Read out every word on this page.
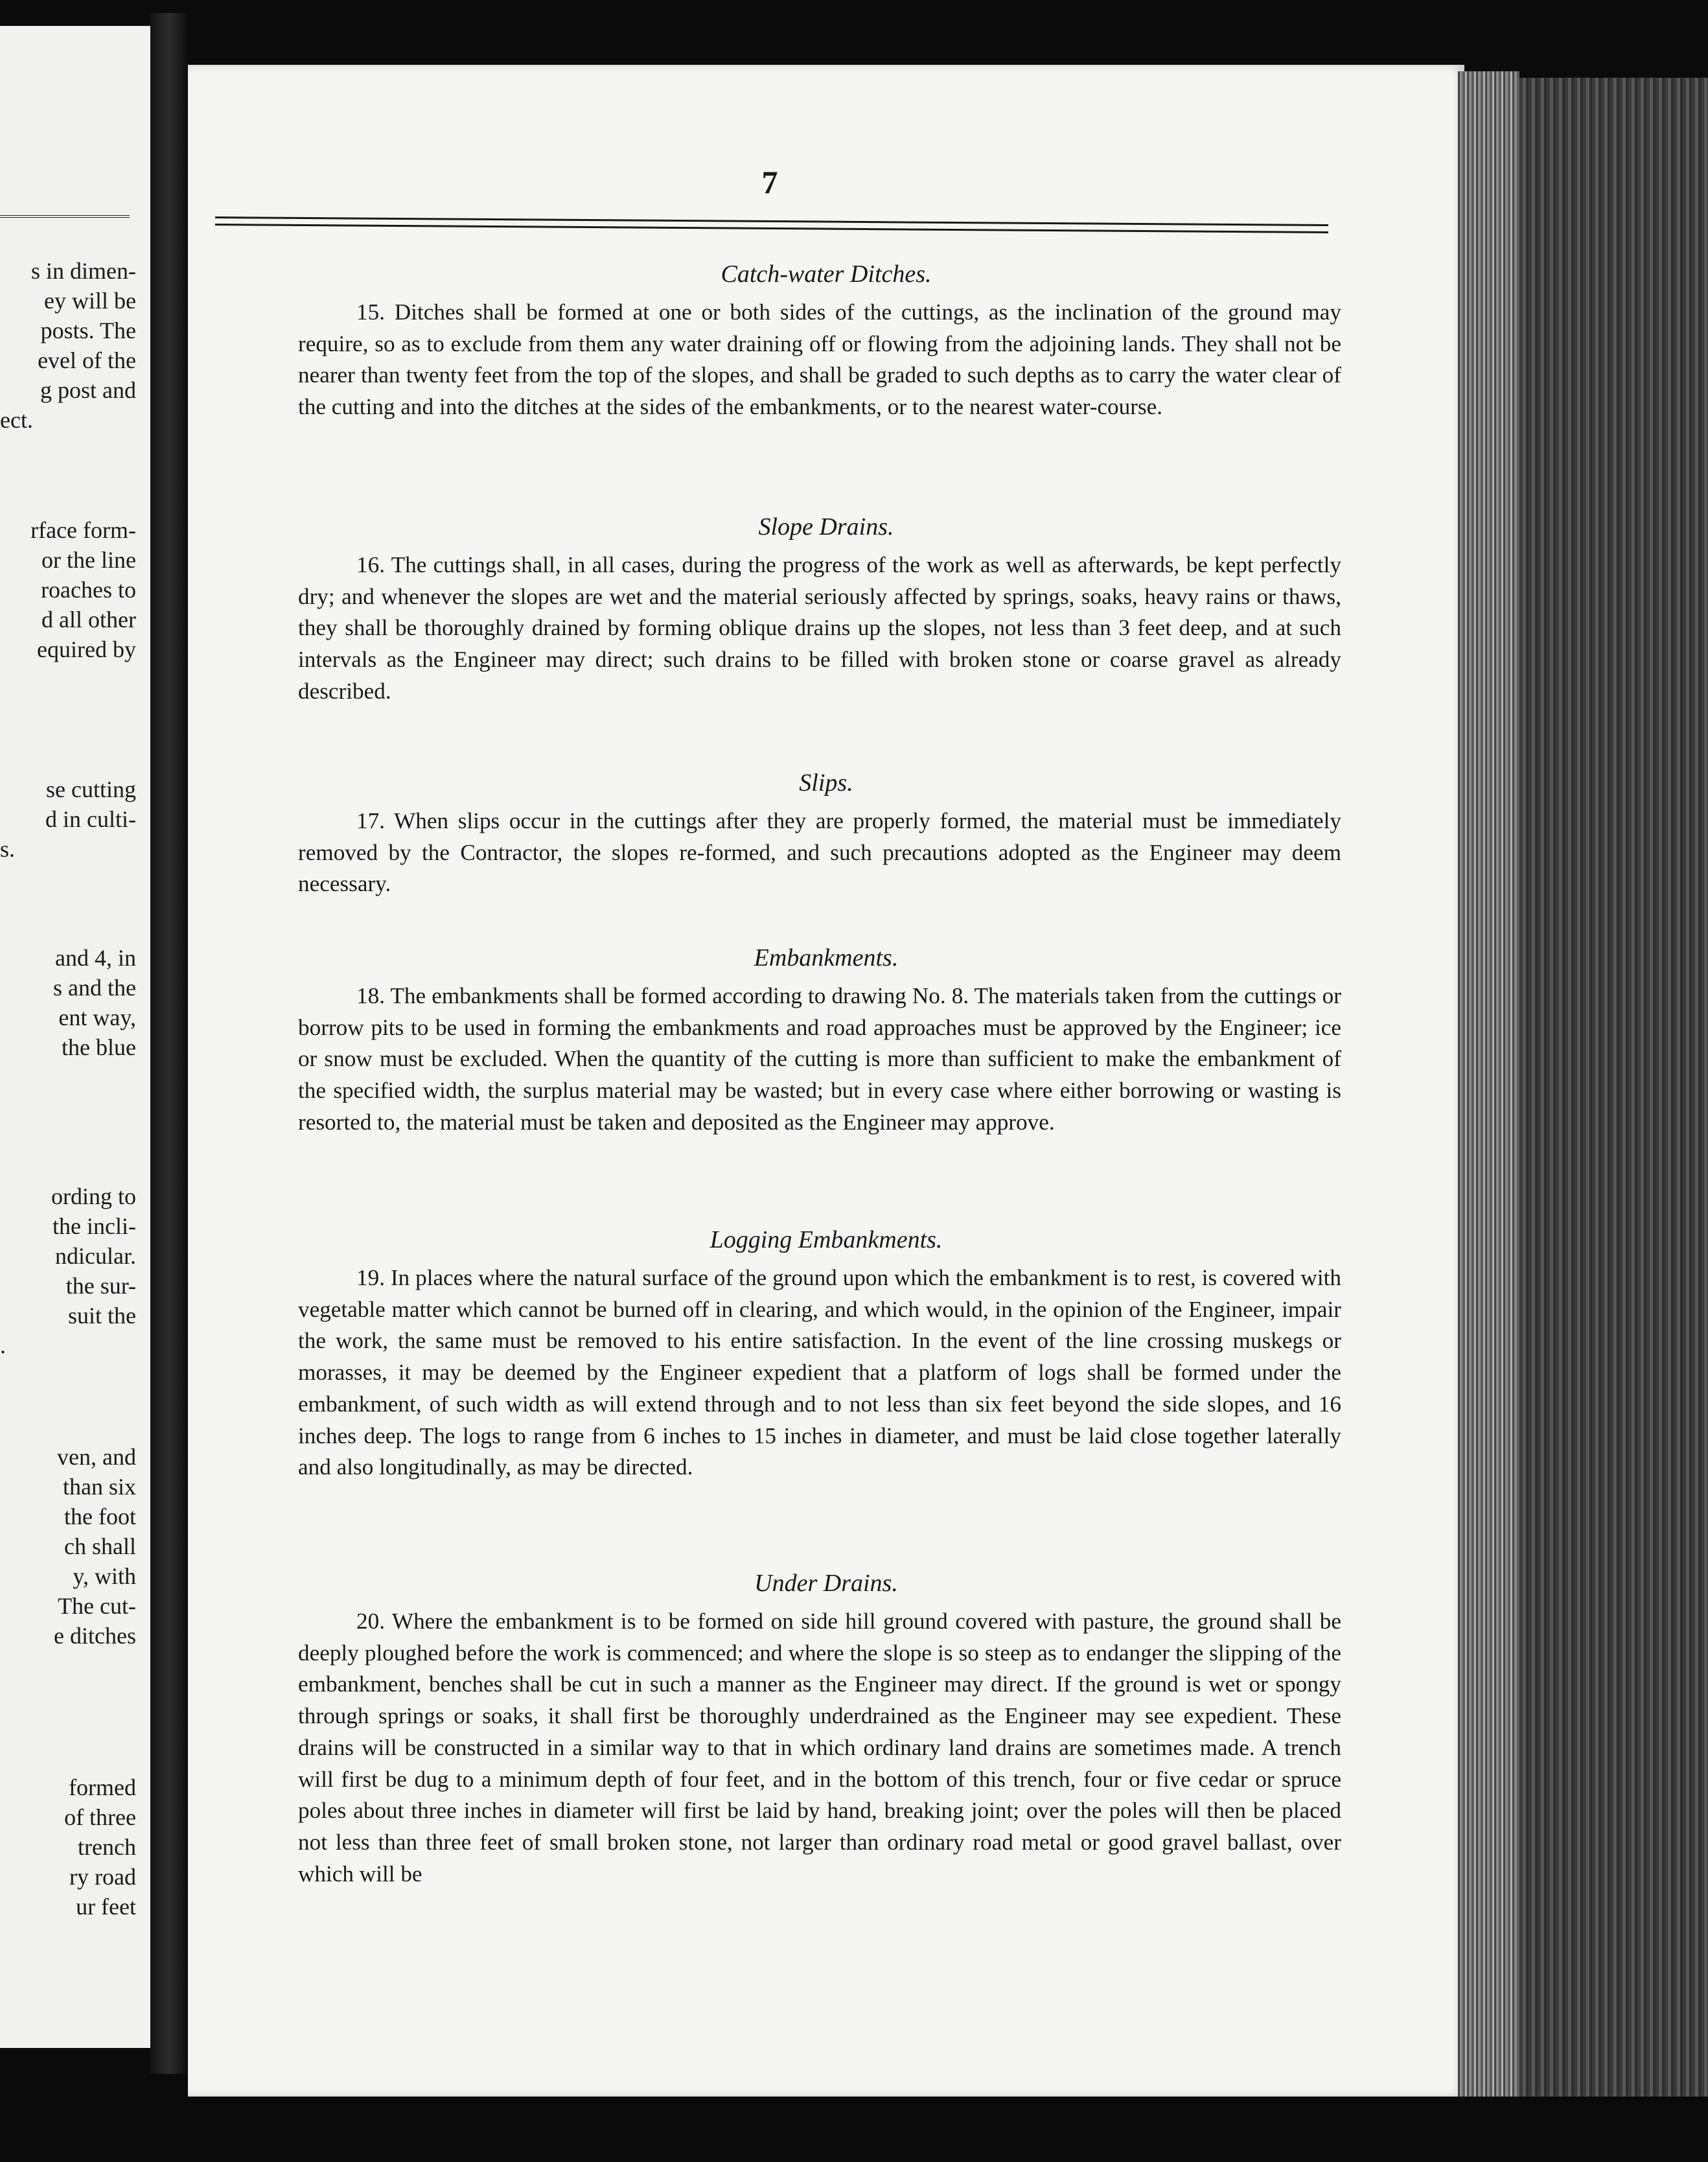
s in dimen-
ey will be
posts. The
evel of the
g post and
ect.
rface form-
or the line
roaches to
d all other
equired by
se cutting
d in culti-
s.
and 4, in
s and the
ent way,
the blue
ording to
the incli-
ndicular.
the sur-
suit the
.
ven, and
than six
the foot
ch shall
y, with
The cut-
e ditches
formed
of three
trench
ry road
ur feet
7
Catch-water Ditches.
15. Ditches shall be formed at one or both sides of the cuttings, as the inclination of the ground may require, so as to exclude from them any water draining off or flowing from the adjoining lands. They shall not be nearer than twenty feet from the top of the slopes, and shall be graded to such depths as to carry the water clear of the cutting and into the ditches at the sides of the embankments, or to the nearest water-course.
Slope Drains.
16. The cuttings shall, in all cases, during the progress of the work as well as afterwards, be kept perfectly dry; and whenever the slopes are wet and the material seriously affected by springs, soaks, heavy rains or thaws, they shall be thoroughly drained by forming oblique drains up the slopes, not less than 3 feet deep, and at such intervals as the Engineer may direct; such drains to be filled with broken stone or coarse gravel as already described.
Slips.
17. When slips occur in the cuttings after they are properly formed, the material must be immediately removed by the Contractor, the slopes re-formed, and such precautions adopted as the Engineer may deem necessary.
Embankments.
18. The embankments shall be formed according to drawing No. 8. The materials taken from the cuttings or borrow pits to be used in forming the embankments and road approaches must be approved by the Engineer; ice or snow must be excluded. When the quantity of the cutting is more than sufficient to make the embankment of the specified width, the surplus material may be wasted; but in every case where either borrowing or wasting is resorted to, the material must be taken and deposited as the Engineer may approve.
Logging Embankments.
19. In places where the natural surface of the ground upon which the embankment is to rest, is covered with vegetable matter which cannot be burned off in clearing, and which would, in the opinion of the Engineer, impair the work, the same must be removed to his entire satisfaction. In the event of the line crossing muskegs or morasses, it may be deemed by the Engineer expedient that a platform of logs shall be formed under the embankment, of such width as will extend through and to not less than six feet beyond the side slopes, and 16 inches deep. The logs to range from 6 inches to 15 inches in diameter, and must be laid close together laterally and also longitudinally, as may be directed.
Under Drains.
20. Where the embankment is to be formed on side hill ground covered with pasture, the ground shall be deeply ploughed before the work is commenced; and where the slope is so steep as to endanger the slipping of the embankment, benches shall be cut in such a manner as the Engineer may direct. If the ground is wet or spongy through springs or soaks, it shall first be thoroughly underdrained as the Engineer may see expedient. These drains will be constructed in a similar way to that in which ordinary land drains are sometimes made. A trench will first be dug to a minimum depth of four feet, and in the bottom of this trench, four or five cedar or spruce poles about three inches in diameter will first be laid by hand, breaking joint; over the poles will then be placed not less than three feet of small broken stone, not larger than ordinary road metal or good gravel ballast, over which will be
